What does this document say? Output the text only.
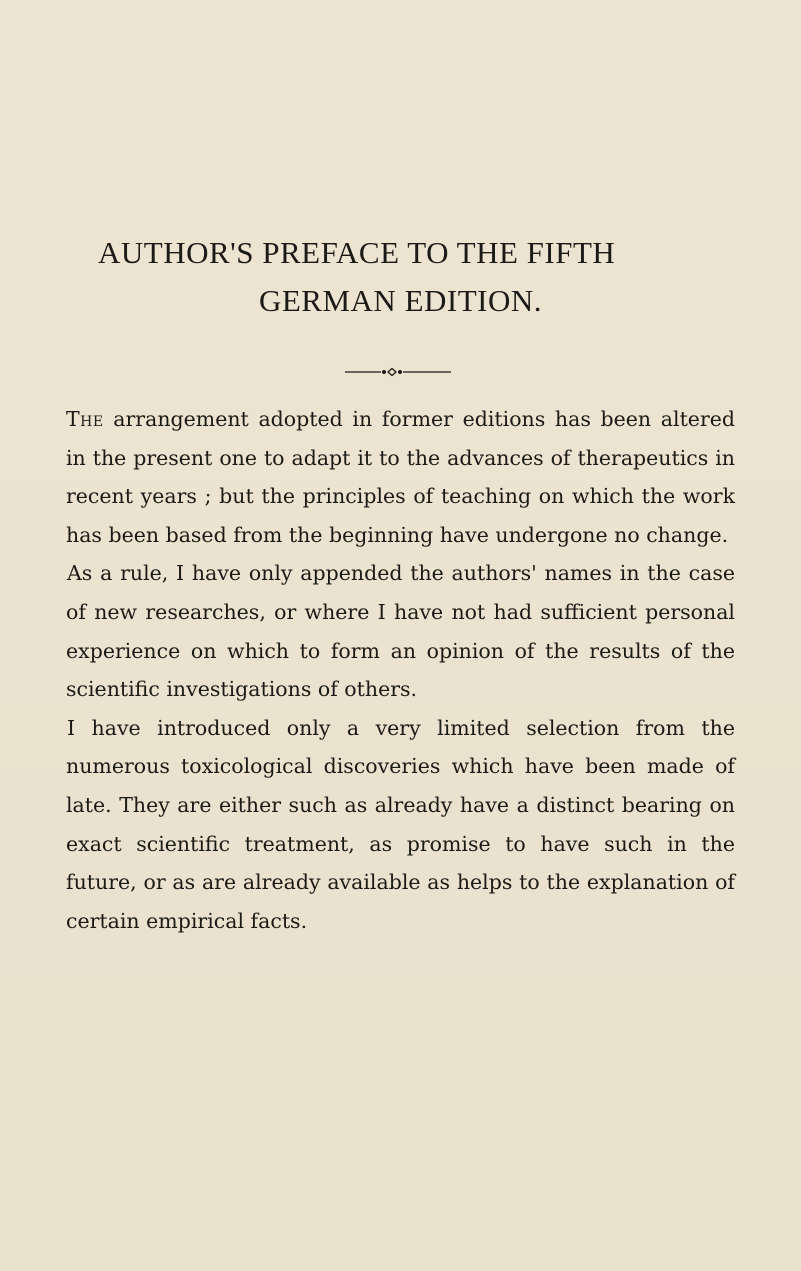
AUTHOR'S PREFACE TO THE FIFTH
GERMAN EDITION.

The arrangement adopted in former editions has been altered in the present one to adapt it to the advances of therapeutics in recent years ; but the principles of teaching on which the work has been based from the beginning have undergone no change.

As a rule, I have only appended the authors' names in the case of new researches, or where I have not had sufficient personal experience on which to form an opinion of the results of the scientific investigations of others.

I have introduced only a very limited selection from the numerous toxicological discoveries which have been made of late. They are either such as already have a distinct bearing on exact scientific treatment, as promise to have such in the future, or as are already available as helps to the explanation of certain empirical facts.
